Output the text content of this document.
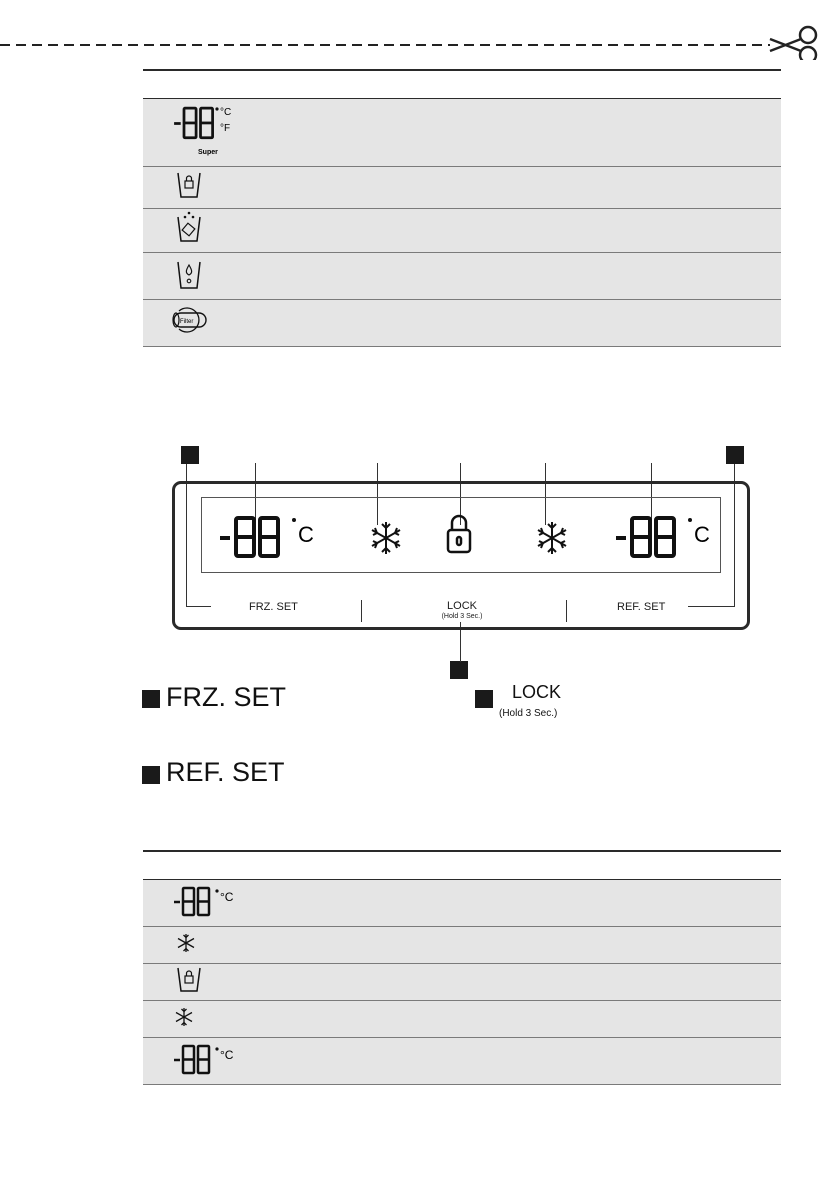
°C
°F
Super	

Filter	

C	C
FRZ. SET	LOCK
(Hold 3 Sec.)
REF. SET
FRZ. SET	LOCK
(Hold 3 Sec.)
REF. SET

°C	

°C	
